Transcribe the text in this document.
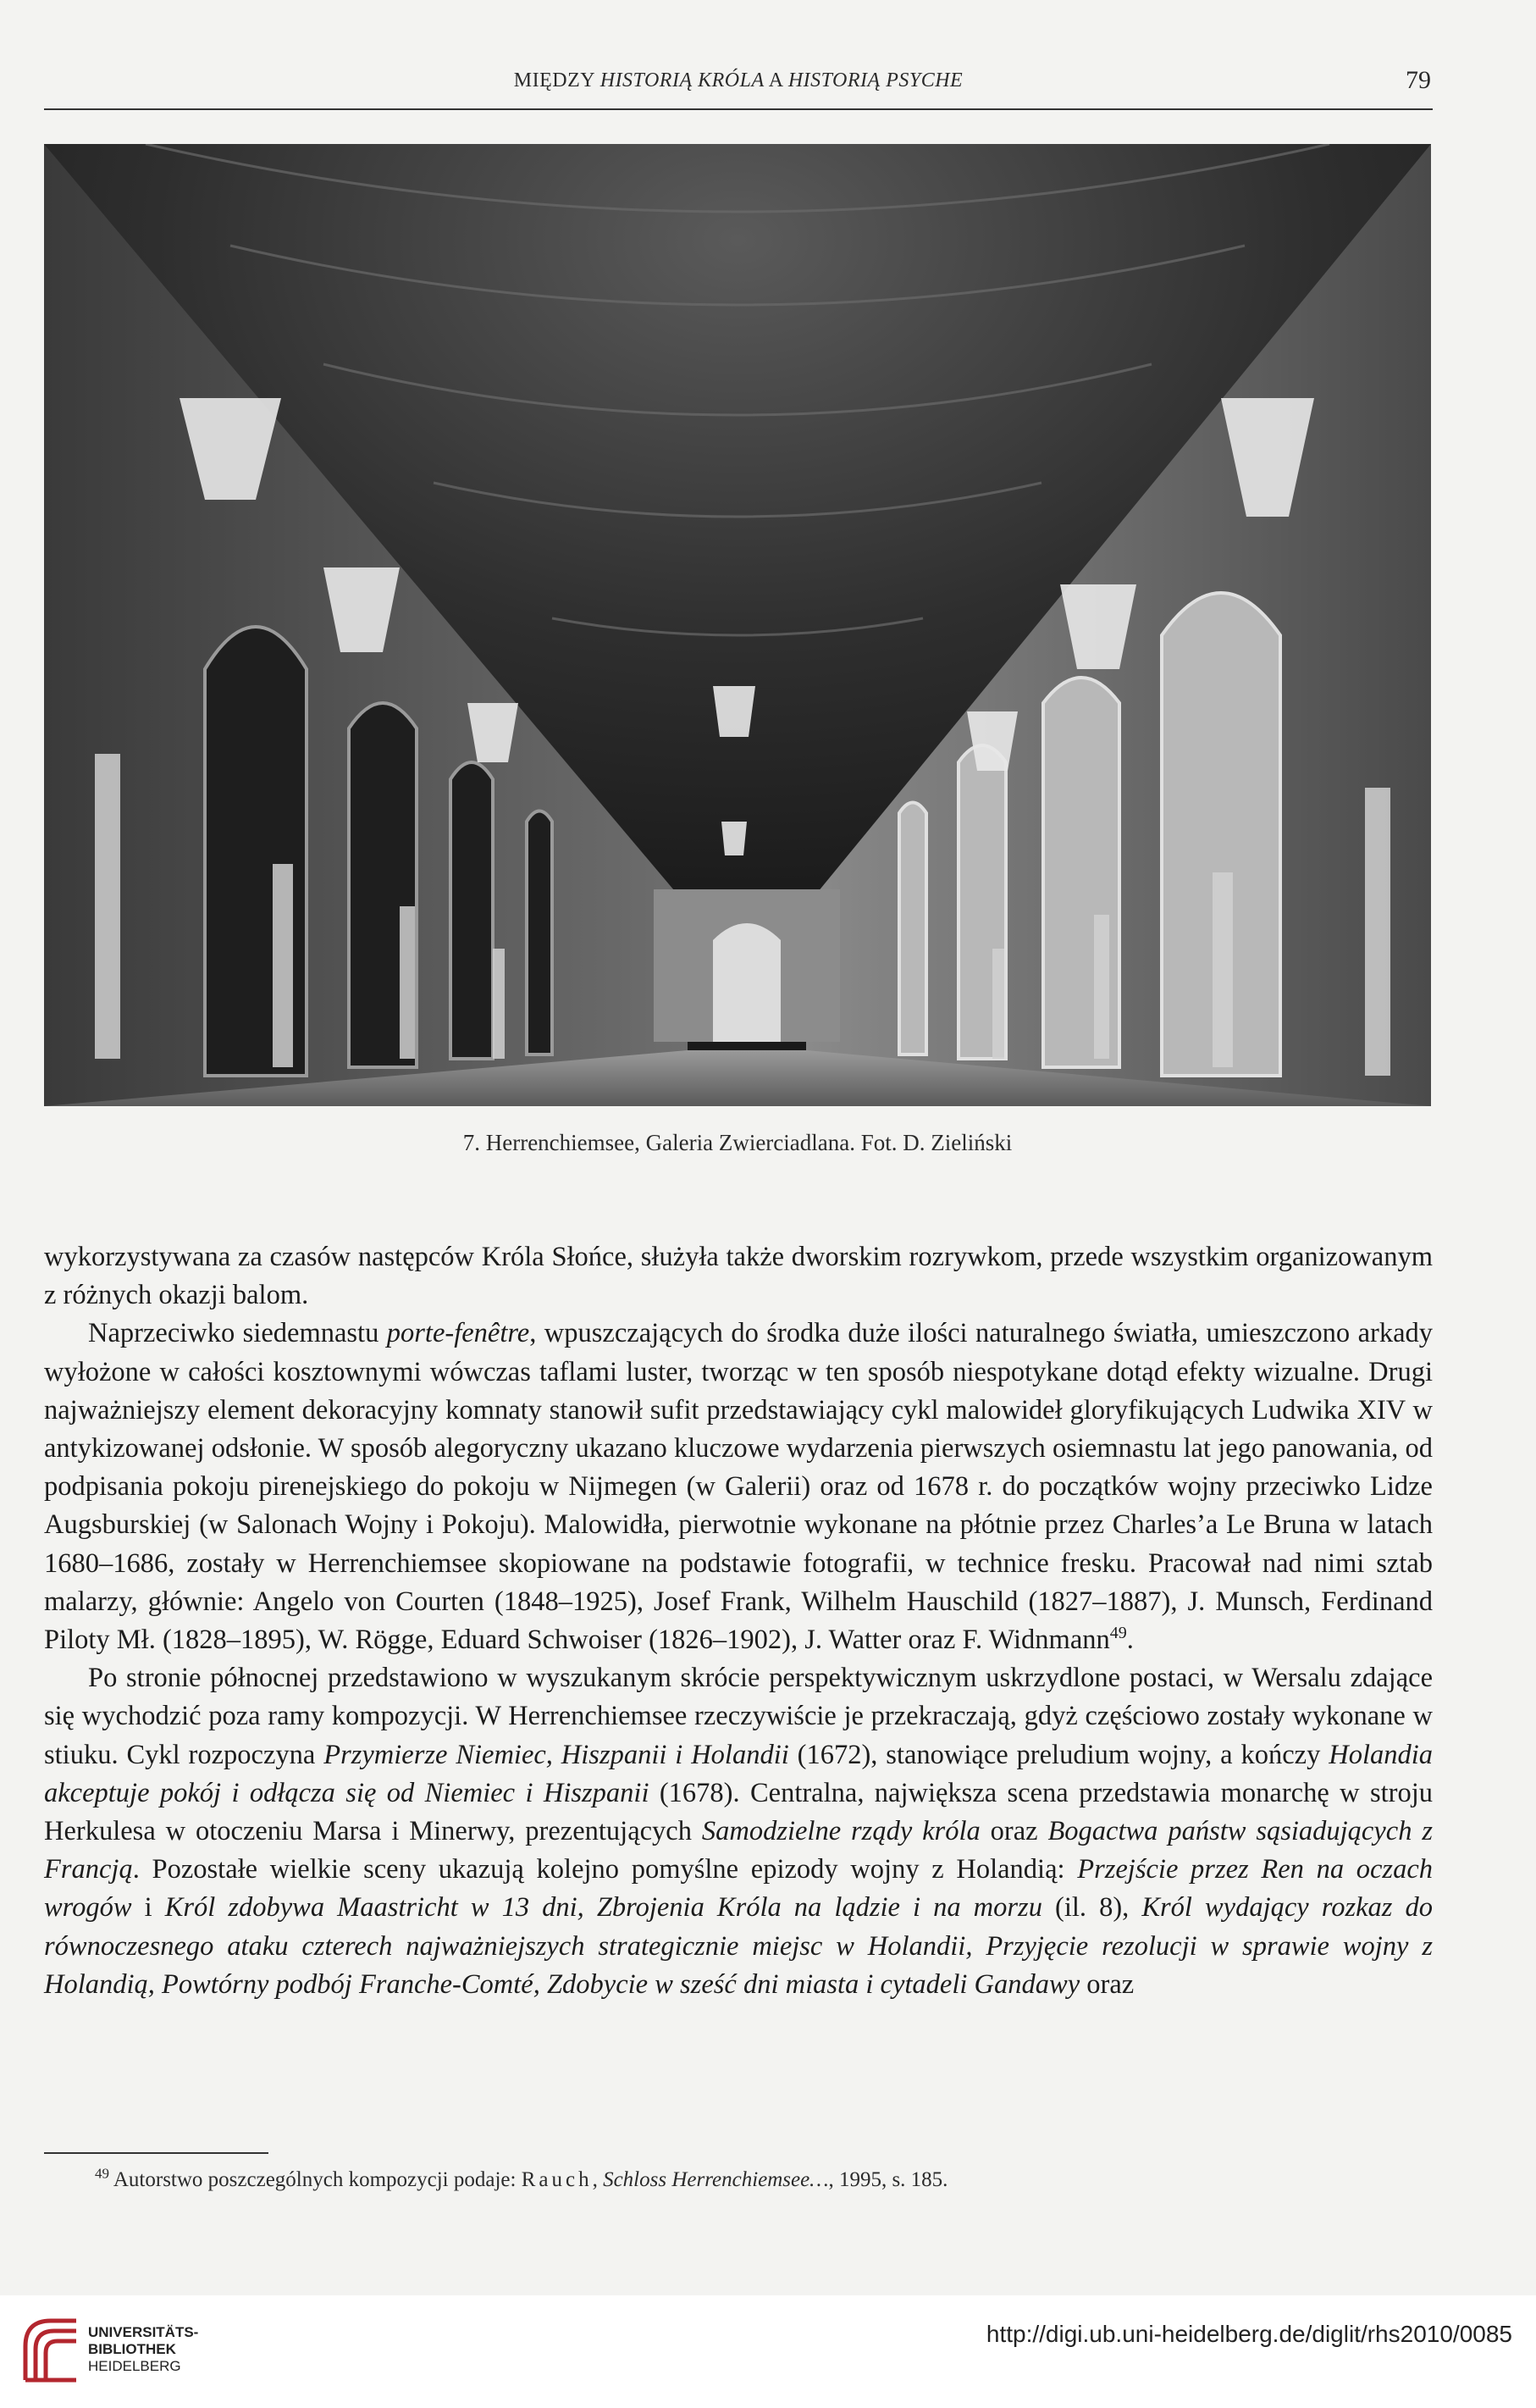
MIĘDZY HISTORIĄ KRÓLA A HISTORIĄ PSYCHE	79
7. Herrenchiemsee, Galeria Zwierciadlana. Fot. D. Zieliński

wykorzystywana za czasów następców Króla Słońce, służyła także dworskim rozrywkom, przede wszystkim organizowanym z różnych okazji balom.

Naprzeciwko siedemnastu porte-fenêtre, wpuszczających do środka duże ilości naturalnego światła, umieszczono arkady wyłożone w całości kosztownymi wówczas taflami luster, tworząc w ten sposób niespotykane dotąd efekty wizualne. Drugi najważniejszy element dekoracyjny komnaty stanowił sufit przedstawiający cykl malowideł gloryfikujących Ludwika XIV w antykizowanej odsłonie. W sposób alegoryczny ukazano kluczowe wydarzenia pierwszych osiemnastu lat jego panowania, od podpisania pokoju pirenejskiego do pokoju w Nijmegen (w Galerii) oraz od 1678 r. do początków wojny przeciwko Lidze Augsburskiej (w Salonach Wojny i Pokoju). Malowidła, pierwotnie wykonane na płótnie przez Charles’a Le Bruna w latach 1680–1686, zostały w Herrenchiemsee skopiowane na podstawie fotografii, w technice fresku. Pracował nad nimi sztab malarzy, głównie: Angelo von Courten (1848–1925), Josef Frank, Wilhelm Hauschild (1827–1887), J. Munsch, Ferdinand Piloty Mł. (1828–1895), W. Rögge, Eduard Schwoiser (1826–1902), J. Watter oraz F. Widnmann$^{49}$.

Po stronie północnej przedstawiono w wyszukanym skrócie perspektywicznym uskrzydlone postaci, w Wersalu zdające się wychodzić poza ramy kompozycji. W Herrenchiemsee rzeczywiście je przekraczają, gdyż częściowo zostały wykonane w stiuku. Cykl rozpoczyna Przymierze Niemiec, Hiszpanii i Holandii (1672), stanowiące preludium wojny, a kończy Holandia akceptuje pokój i odłącza się od Niemiec i Hiszpanii (1678). Centralna, największa scena przedstawia monarchę w stroju Herkulesa w otoczeniu Marsa i Minerwy, prezentujących Samodzielne rządy króla oraz Bogactwa państw sąsiadujących z Francją. Pozostałe wielkie sceny ukazują kolejno pomyślne epizody wojny z Holandią: Przejście przez Ren na oczach wrogów i Król zdobywa Maastricht w 13 dni, Zbrojenia Króla na lądzie i na morzu (il. 8), Król wydający rozkaz do równoczesnego ataku czterech najważniejszych strategicznie miejsc w Holandii, Przyjęcie rezolucji w sprawie wojny z Holandią, Powtórny podbój Franche-Comté, Zdobycie w sześć dni miasta i cytadeli Gandawy oraz

$^{49}$ Autorstwo poszczególnych kompozycji podaje: Rauch, Schloss Herrenchiemsee…, 1995, s. 185.
UNIVERSITÄTS-
BIBLIOTHEK
HEIDELBERG
http://digi.ub.uni-heidelberg.de/diglit/rhs2010/0085
